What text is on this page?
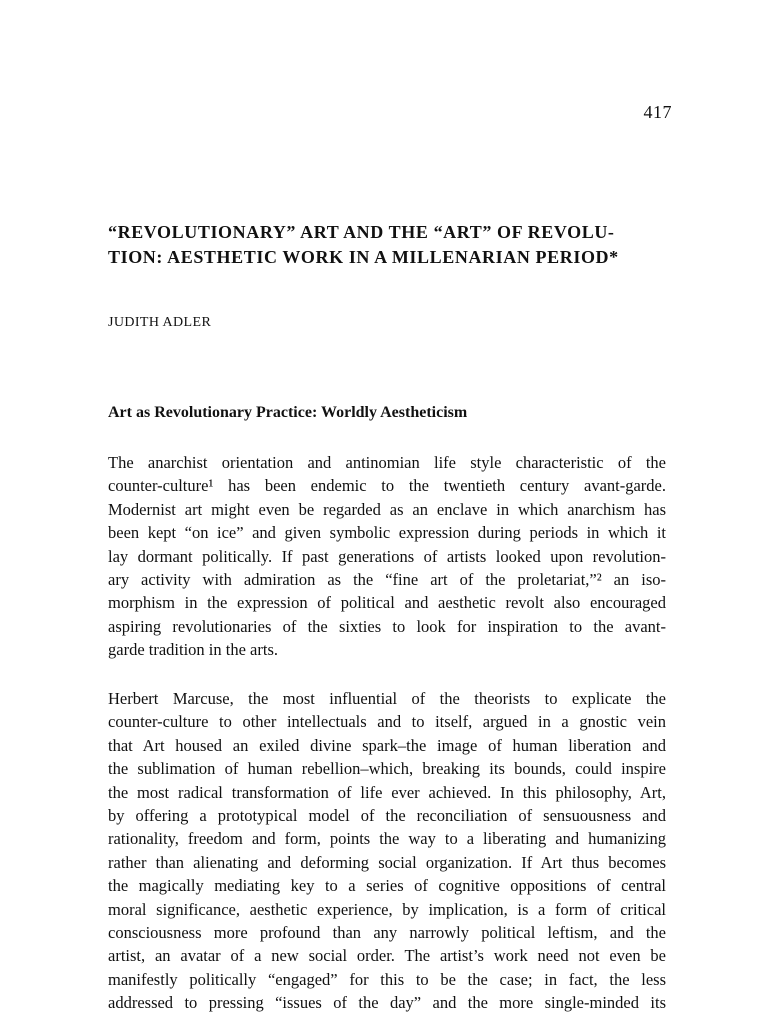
417
“REVOLUTIONARY” ART AND THE “ART” OF REVOLU-
TION: AESTHETIC WORK IN A MILLENARIAN PERIOD*
JUDITH ADLER
Art as Revolutionary Practice: Worldly Aestheticism
The anarchist orientation and antinomian life style characteristic of the
counter-culture¹ has been endemic to the twentieth century avant-garde.
Modernist art might even be regarded as an enclave in which anarchism has
been kept “on ice” and given symbolic expression during periods in which it
lay dormant politically. If past generations of artists looked upon revolution-
ary activity with admiration as the “fine art of the proletariat,”² an iso-
morphism in the expression of political and aesthetic revolt also encouraged
aspiring revolutionaries of the sixties to look for inspiration to the avant-
garde tradition in the arts.
Herbert Marcuse, the most influential of the theorists to explicate the
counter-culture to other intellectuals and to itself, argued in a gnostic vein
that Art housed an exiled divine spark–the image of human liberation and
the sublimation of human rebellion–which, breaking its bounds, could inspire
the most radical transformation of life ever achieved. In this philosophy, Art,
by offering a prototypical model of the reconciliation of sensuousness and
rationality, freedom and form, points the way to a liberating and humanizing
rather than alienating and deforming social organization. If Art thus becomes
the magically mediating key to a series of cognitive oppositions of central
moral significance, aesthetic experience, by implication, is a form of critical
consciousness more profound than any narrowly political leftism, and the
artist, an avatar of a new social order. The artist’s work need not even be
manifestly politically “engaged” for this to be the case; in fact, the less
addressed to pressing “issues of the day” and the more single-minded its
